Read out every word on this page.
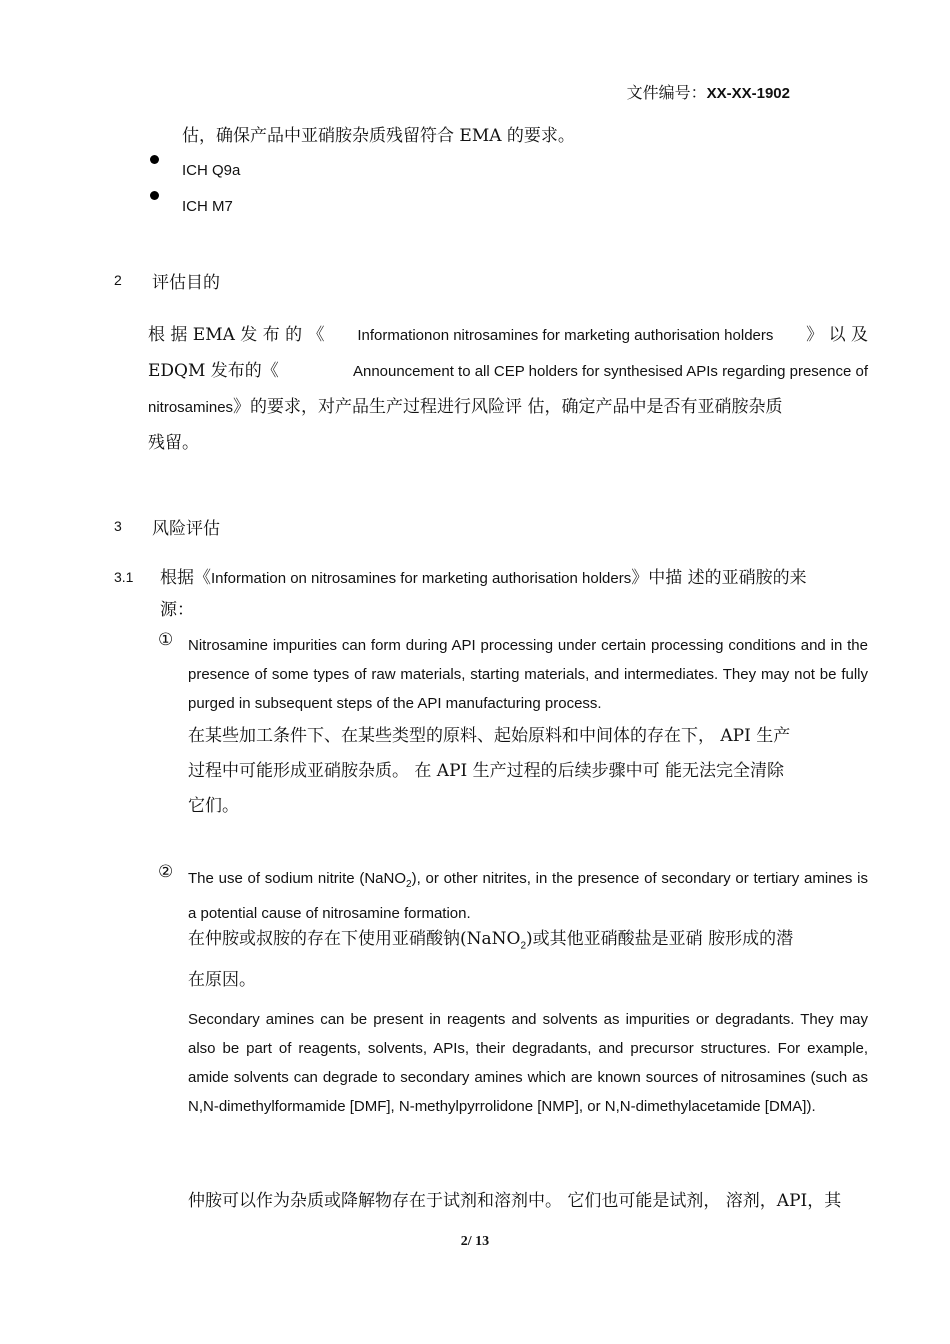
文件编号：XX-XX-1902
估，确保产品中亚硝胺杂质残留符合 EMA 的要求。
ICH Q9a
ICH M7
2 评估目的
根 据 EMA 发 布 的 《 Informationon nitrosamines for marketing authorisation holders 》 以 及
EDQM 发布的《	Announcement to all CEP holders for synthesised APIs regarding presence of
nitrosamines 》的要求，对产品生产过程进行风险评 估，确定产品中是否有亚硝胺杂质
残留。
3 风险评估
3.1 根据《 Information on nitrosamines for marketing authorisation holders 》中描 述的亚硝胺的来
源：
① Nitrosamine impurities can form during API processing under certain processing conditions and in the presence of some types of raw materials, starting materials, and intermediates. They may not be fully purged in subsequent steps of the API manufacturing process.
在某些加工条件下、在某些类型的原料、起始原料和中间体的存在下， API 生产
过程中可能形成亚硝胺杂质。 在 API 生产过程的后续步骤中可 能无法完全清除
它们。
② The use of sodium nitrite (NaNO$_2$), or other nitrites, in the presence of secondary or tertiary amines is a potential cause of nitrosamine formation.
在仲胺或叔胺的存在下使用亚硝酸钠(NaNO$_2$)或其他亚硝酸盐是亚硝 胺形成的潜
在原因。
Secondary amines can be present in reagents and solvents as impurities or degradants. They may also be part of reagents, solvents, APIs, their degradants, and precursor structures. For example, amide solvents can degrade to secondary amines which are known sources of nitrosamines (such as N,N-dimethylformamide [DMF], N-methylpyrrolidone [NMP], or N,N-dimethylacetamide [DMA]).
仲胺可以作为杂质或降解物存在于试剂和溶剂中。 它们也可能是试剂， 溶剂，API，其
2/ 13
